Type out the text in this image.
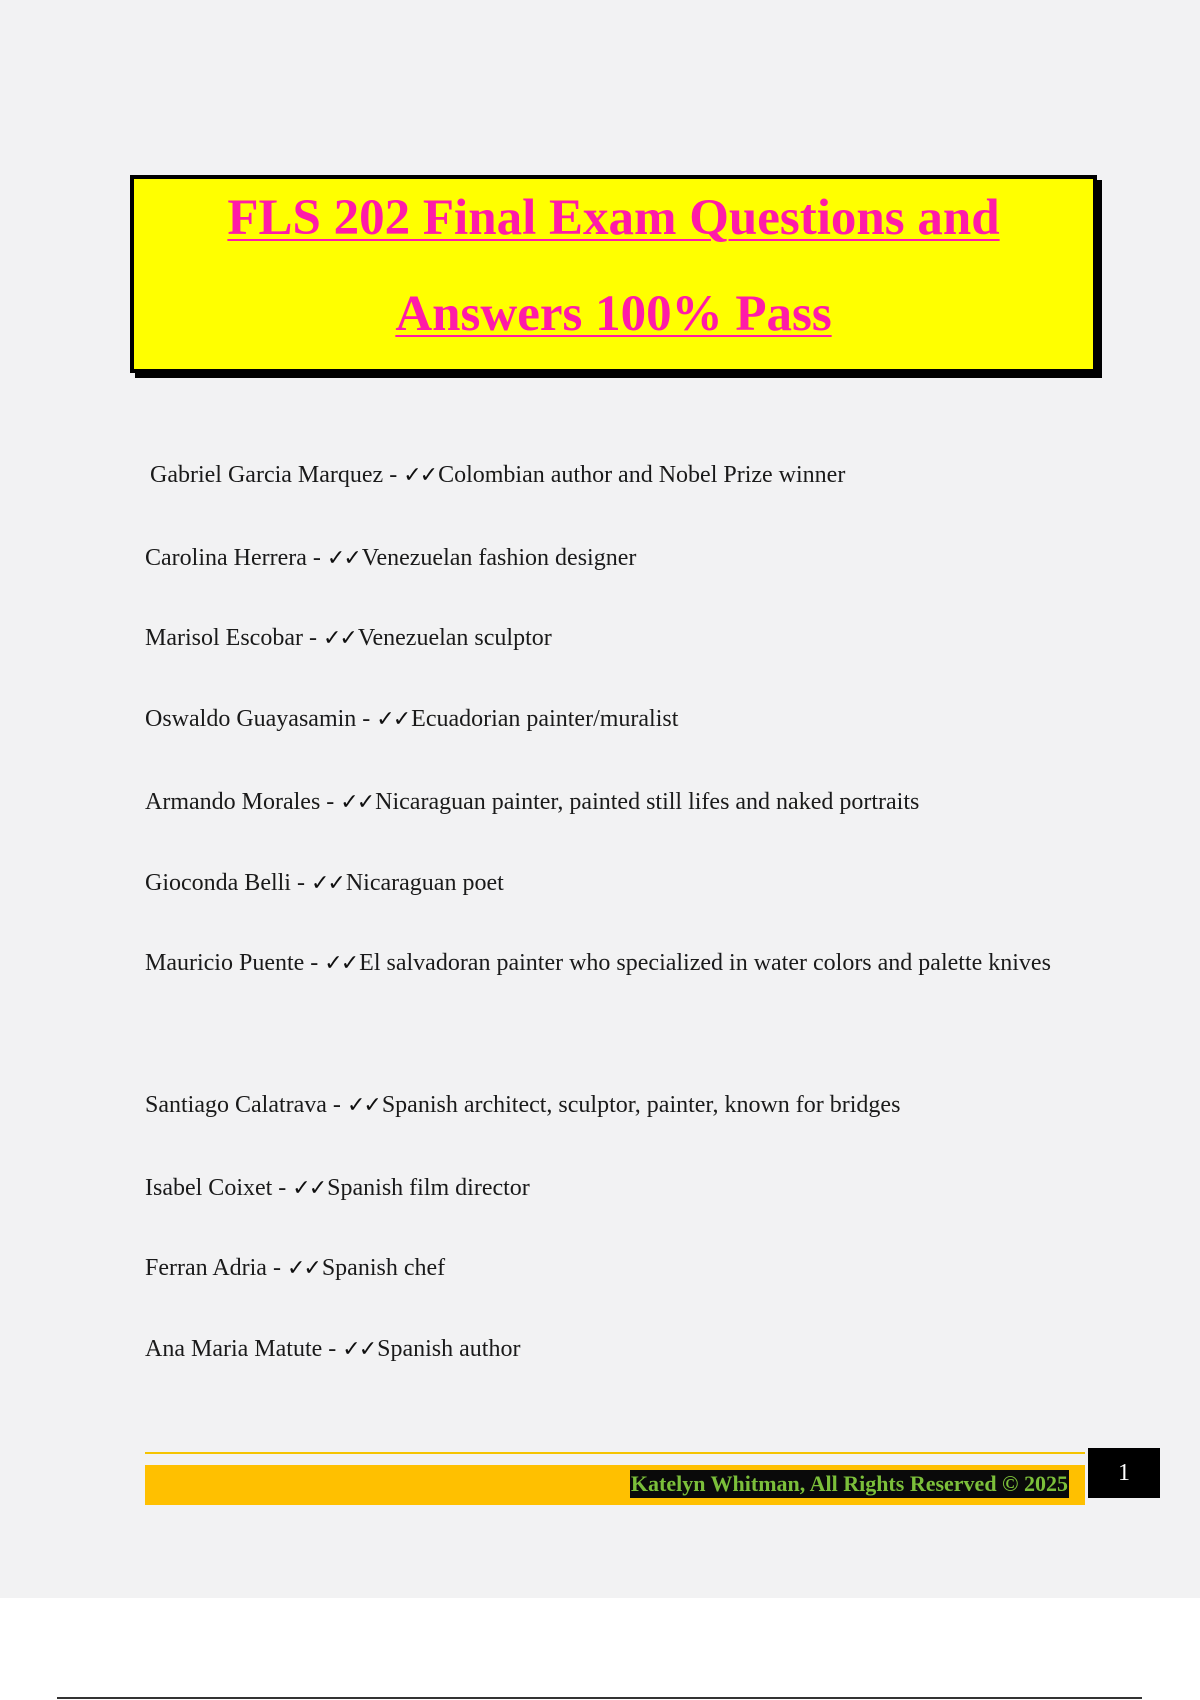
FLS 202 Final Exam Questions and
Answers 100% Pass
Gabriel Garcia Marquez - ✓✓Colombian author and Nobel Prize winner
Carolina Herrera - ✓✓Venezuelan fashion designer
Marisol Escobar - ✓✓Venezuelan sculptor
Oswaldo Guayasamin - ✓✓Ecuadorian painter/muralist
Armando Morales - ✓✓Nicaraguan painter, painted still lifes and naked portraits
Gioconda Belli - ✓✓Nicaraguan poet
Mauricio Puente - ✓✓El salvadoran painter who specialized in water colors and palette knives
Santiago Calatrava - ✓✓Spanish architect, sculptor, painter, known for bridges
Isabel Coixet - ✓✓Spanish film director
Ferran Adria - ✓✓Spanish chef
Ana Maria Matute - ✓✓Spanish author
Katelyn Whitman, All Rights Reserved © 2025	1
